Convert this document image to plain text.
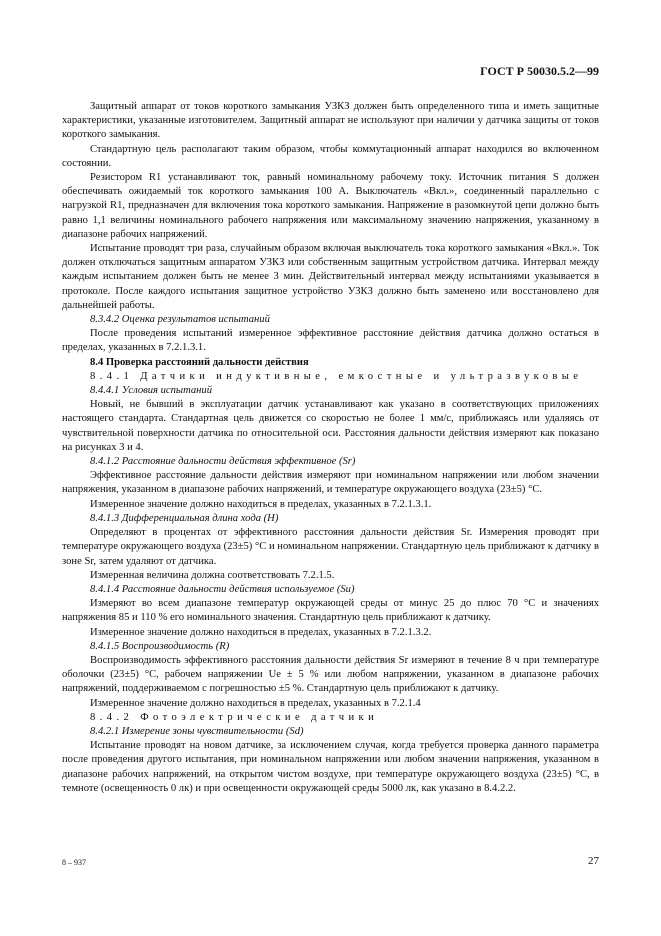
ГОСТ Р 50030.5.2—99
Защитный аппарат от токов короткого замыкания УЗКЗ должен быть определенного типа и иметь защитные характеристики, указанные изготовителем. Защитный аппарат не используют при наличии у датчика защиты от токов короткого замыкания.
Стандартную цель располагают таким образом, чтобы коммутационный аппарат находился во включенном состоянии.
Резистором R1 устанавливают ток, равный номинальному рабочему току. Источник питания S должен обеспечивать ожидаемый ток короткого замыкания 100 А. Выключатель «Вкл.», соединенный параллельно с нагрузкой R1, предназначен для включения тока короткого замыкания. Напряжение в разомкнутой цепи должно быть равно 1,1 величины номинального рабочего напряжения или максимальному значению напряжения, указанному в диапазоне рабочих напряжений.
Испытание проводят три раза, случайным образом включая выключатель тока короткого замыкания «Вкл.». Ток должен отключаться защитным аппаратом УЗКЗ или собственным защитным устройством датчика. Интервал между каждым испытанием должен быть не менее 3 мин. Действительный интервал между испытаниями указывается в протоколе. После каждого испытания защитное устройство УЗКЗ должно быть заменено или восстановлено для дальнейшей работы.
8.3.4.2 Оценка результатов испытаний
После проведения испытаний измеренное эффективное расстояние действия датчика должно остаться в пределах, указанных в 7.2.1.3.1.
8.4 Проверка расстояний дальности действия
8.4.1 Датчики индуктивные, емкостные и ультразвуковые
8.4.4.1 Условия испытаний
Новый, не бывший в эксплуатации датчик устанавливают как указано в соответствующих приложениях настоящего стандарта. Стандартная цель движется со скоростью не более 1 мм/с, приближаясь или удаляясь от чувствительной поверхности датчика по относительной оси. Расстояния дальности действия измеряют как показано на рисунках 3 и 4.
8.4.1.2 Расстояние дальности действия эффективное (Sr)
Эффективное расстояние дальности действия измеряют при номинальном напряжении или любом значении напряжения, указанном в диапазоне рабочих напряжений, и температуре окружающего воздуха (23±5) °С.
Измеренное значение должно находиться в пределах, указанных в 7.2.1.3.1.
8.4.1.3 Дифференциальная длина хода (H)
Определяют в процентах от эффективного расстояния дальности действия Sr. Измерения проводят при температуре окружающего воздуха (23±5) °С и номинальном напряжении. Стандартную цель приближают к датчику в зоне Sr, затем удаляют от датчика.
Измеренная величина должна соответствовать 7.2.1.5.
8.4.1.4 Расстояние дальности действия используемое (Su)
Измеряют во всем диапазоне температур окружающей среды от минус 25 до плюс 70 °С и значениях напряжения 85 и 110 % его номинального значения. Стандартную цель приближают к датчику.
Измеренное значение должно находиться в пределах, указанных в 7.2.1.3.2.
8.4.1.5 Воспроизводимость (R)
Воспроизводимость эффективного расстояния дальности действия Sr измеряют в течение 8 ч при температуре оболочки (23±5) °С, рабочем напряжении Ue ± 5 % или любом напряжении, указанном в диапазоне рабочих напряжений, поддерживаемом с погрешностью ±5 %. Стандартную цель приближают к датчику.
Измеренное значение должно находиться в пределах, указанных в 7.2.1.4
8.4.2 Фотоэлектрические датчики
8.4.2.1 Измерение зоны чувствительности (Sd)
Испытание проводят на новом датчике, за исключением случая, когда требуется проверка данного параметра после проведения другого испытания, при номинальном напряжении или любом значении напряжения, указанном в диапазоне рабочих напряжений, на открытом чистом воздухе, при температуре окружающего воздуха (23±5) °С, в темноте (освещенность 0 лк) и при освещенности окружающей среды 5000 лк, как указано в 8.4.2.2.
8 – 937	27
